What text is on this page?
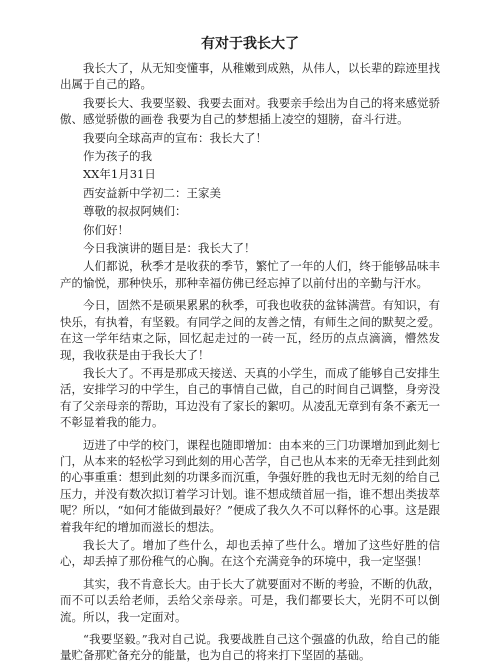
有对于我长大了

我长大了，从无知变懂事，从稚嫩到成熟，从伟人，以长辈的踪迹里找出属于自己的路。

我要长大、我要坚毅、我要去面对。我要亲手绘出为自己的将来感觉骄傲、感觉骄傲的画卷 我要为自己的梦想插上凌空的翅膀，奋斗行进。

我要向全球高声的宣布：我长大了！

作为孩子的我

XX年1月31日

西安益新中学初二：王家美

尊敬的叔叔阿姨们：

你们好！

今日我演讲的题目是：我长大了！

人们都说，秋季才是收获的季节，繁忙了一年的人们，终于能够品味丰产的愉悦，那种快乐，那种幸福仿佛已经忘掉了以前付出的辛勤与汗水。

今日，固然不是硕果累累的秋季，可我也收获的盆钵满营。有知识，有快乐，有执着，有坚毅。有同学之间的友善之情，有师生之间的默契之爱。在这一学年结束之际，回忆起走过的一砖一瓦，经历的点点滴滴，懵然发现，我收获是由于我长大了！

我长大了。不再是那成天接送、天真的小学生，而成了能够自己安排生活，安排学习的中学生，自己的事情自己做，自己的时间自己调整，身旁没有了父亲母亲的帮助，耳边没有了家长的絮叨。从凌乱无章到有条不紊无一不彰显着我的能力。

迈进了中学的校门，课程也随即增加：由本来的三门功课增加到此刻七门，从本来的轻松学习到此刻的用心苦学，自己也从本来的无牵无挂到此刻的心事重重：想到此刻的功课多而沉重，争强好胜的我也无时无刻的给自己压力，并没有数次拟订着学习计划。谁不想成绩首屈一指，谁不想出类拔萃呢？所以，“如何才能做到最好？”便成了我久久不可以释怀的心事。这是跟着我年纪的增加而滋长的想法。

我长大了。增加了些什么，却也丢掉了些什么。增加了这些好胜的信心，却丢掉了那份稚气的心胸。在这个充满竞争的环境中，我一定坚强！

其实，我不肯意长大。由于长大了就要面对不断的考验，不断的仇敌，而不可以丢给老师，丢给父亲母亲。可是，我们都要长大，光阴不可以倒流。所以，我一定面对。

“我要坚毅。”我对自己说。我要战胜自己这个强盛的仇敌，给自己的能量贮备那贮备充分的能量，也为自己的将来打下坚固的基础。
